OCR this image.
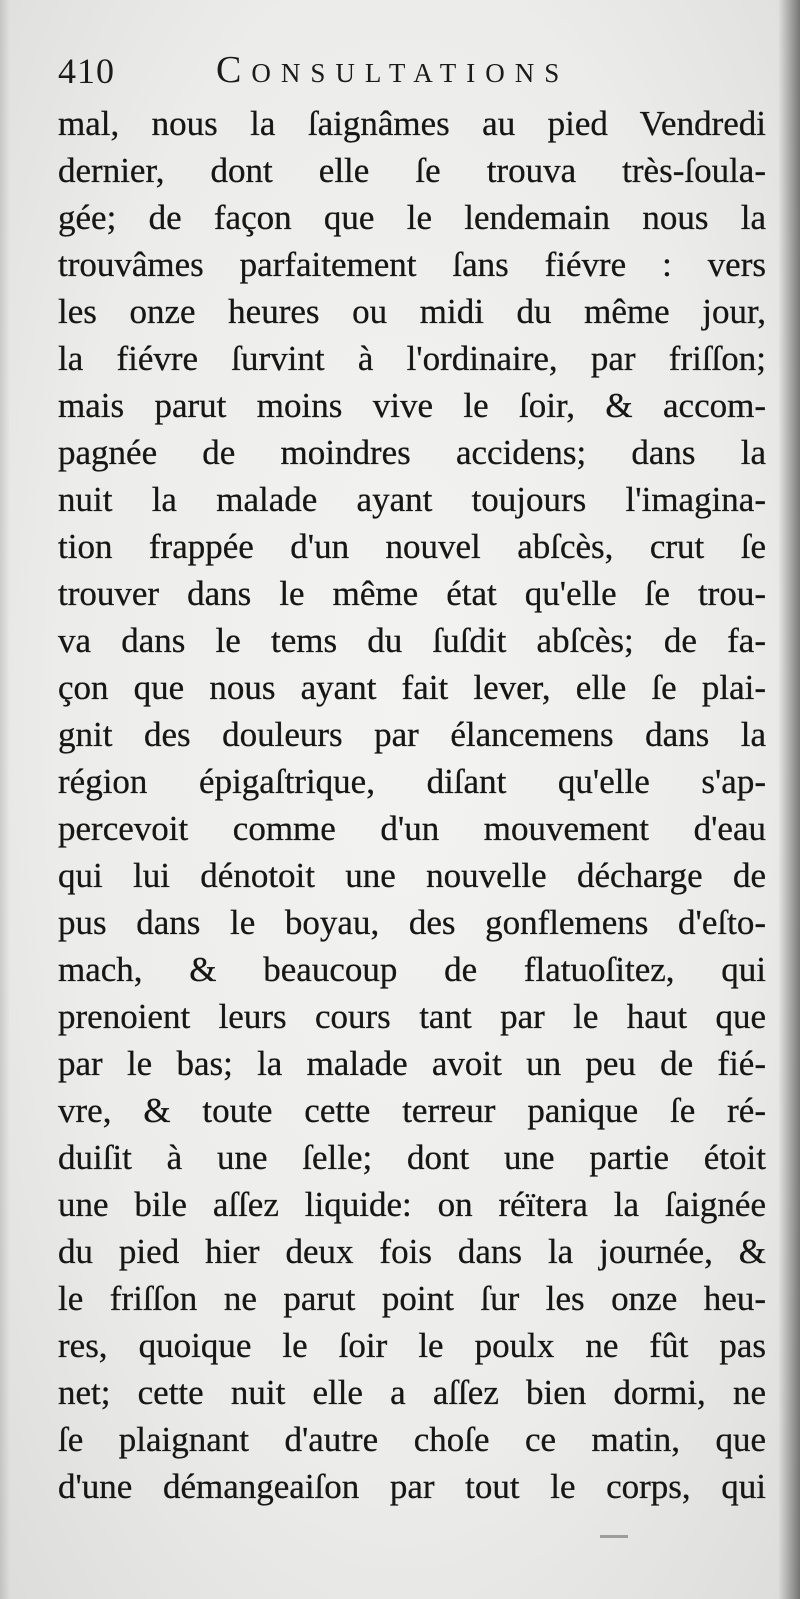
410	Consultations
mal, nous la ſaignâmes au pied Vendredi
dernier, dont elle ſe trouva très-ſoula-
gée; de façon que le lendemain nous la
trouvâmes parfaitement ſans fiévre : vers
les onze heures ou midi du même jour,
la fiévre ſurvint à l'ordinaire, par friſſon;
mais parut moins vive le ſoir, & accom-
pagnée de moindres accidens; dans la
nuit la malade ayant toujours l'imagina-
tion frappée d'un nouvel abſcès, crut ſe
trouver dans le même état qu'elle ſe trou-
va dans le tems du ſuſdit abſcès; de fa-
çon que nous ayant fait lever, elle ſe plai-
gnit des douleurs par élancemens dans la
région épigaſtrique, diſant qu'elle s'ap-
percevoit comme d'un mouvement d'eau
qui lui dénotoit une nouvelle décharge de
pus dans le boyau, des gonflemens d'eſto-
mach, & beaucoup de flatuoſitez, qui
prenoient leurs cours tant par le haut que
par le bas; la malade avoit un peu de fié-
vre, & toute cette terreur panique ſe ré-
duiſit à une ſelle; dont une partie étoit
une bile aſſez liquide: on réïtera la ſaignée
du pied hier deux fois dans la journée, &
le friſſon ne parut point ſur les onze heu-
res, quoique le ſoir le poulx ne fût pas
net; cette nuit elle a aſſez bien dormi, ne
ſe plaignant d'autre choſe ce matin, que
d'une démangeaiſon par tout le corps, qui
